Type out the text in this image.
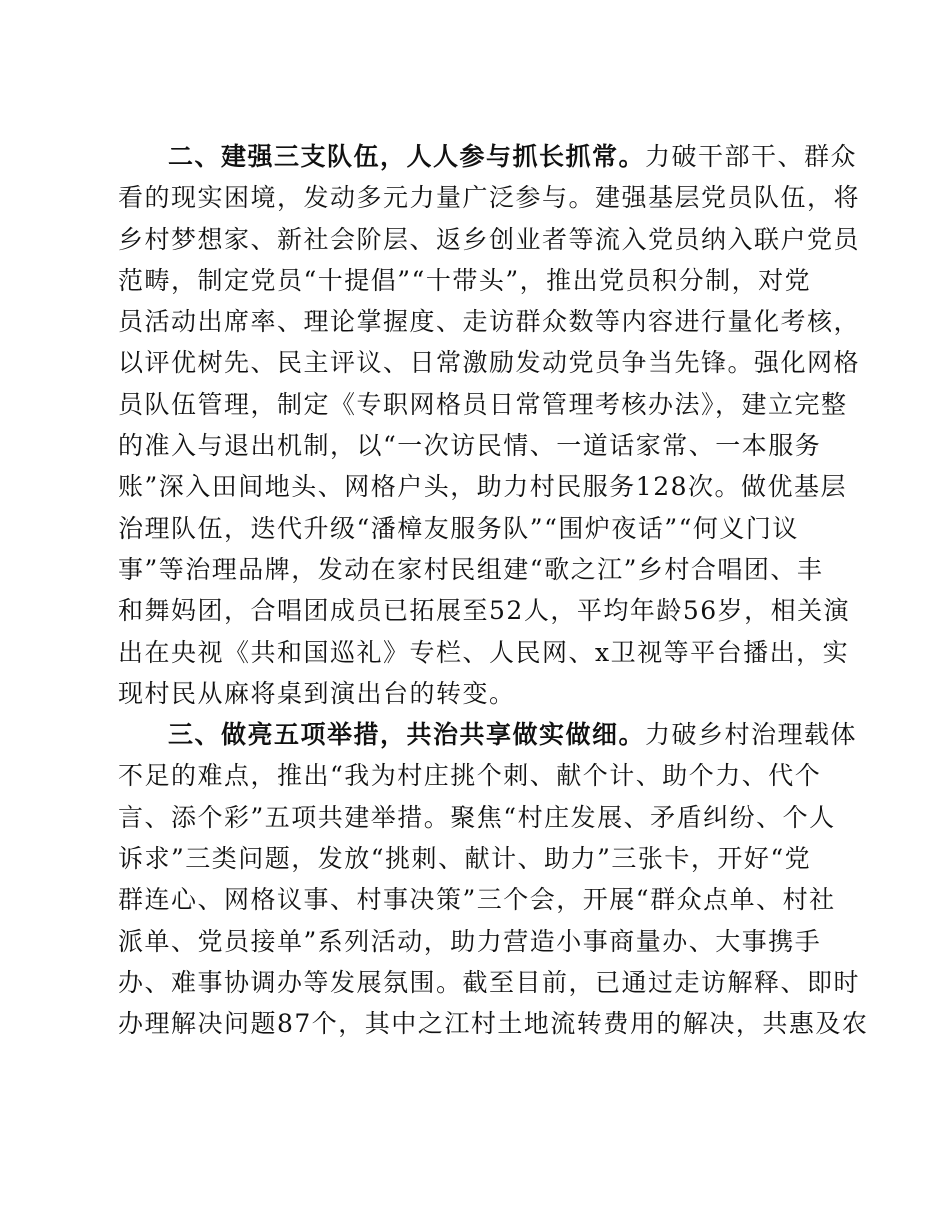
二、建强三支队伍，人人参与抓长抓常。力破干部干、群众
看的现实困境，发动多元力量广泛参与。建强基层党员队伍，将
乡村梦想家、新社会阶层、返乡创业者等流入党员纳入联户党员
范畴，制定党员“十提倡”“十带头”，推出党员积分制，对党
员活动出席率、理论掌握度、走访群众数等内容进行量化考核，
以评优树先、民主评议、日常激励发动党员争当先锋。强化网格
员队伍管理，制定《专职网格员日常管理考核办法》，建立完整
的准入与退出机制，以“一次访民情、一道话家常、一本服务
账”深入田间地头、网格户头，助力村民服务128次。做优基层
治理队伍，迭代升级“潘樟友服务队”“围炉夜话”“何义门议
事”等治理品牌，发动在家村民组建“歌之江”乡村合唱团、丰
和舞妈团，合唱团成员已拓展至52人，平均年龄56岁，相关演
出在央视《共和国巡礼》专栏、人民网、x卫视等平台播出，实
现村民从麻将桌到演出台的转变。
三、做亮五项举措，共治共享做实做细。力破乡村治理载体
不足的难点，推出“我为村庄挑个刺、献个计、助个力、代个
言、添个彩”五项共建举措。聚焦“村庄发展、矛盾纠纷、个人
诉求”三类问题，发放“挑刺、献计、助力”三张卡，开好“党
群连心、网格议事、村事决策”三个会，开展“群众点单、村社
派单、党员接单”系列活动，助力营造小事商量办、大事携手
办、难事协调办等发展氛围。截至目前，已通过走访解释、即时
办理解决问题87个，其中之江村土地流转费用的解决，共惠及农
